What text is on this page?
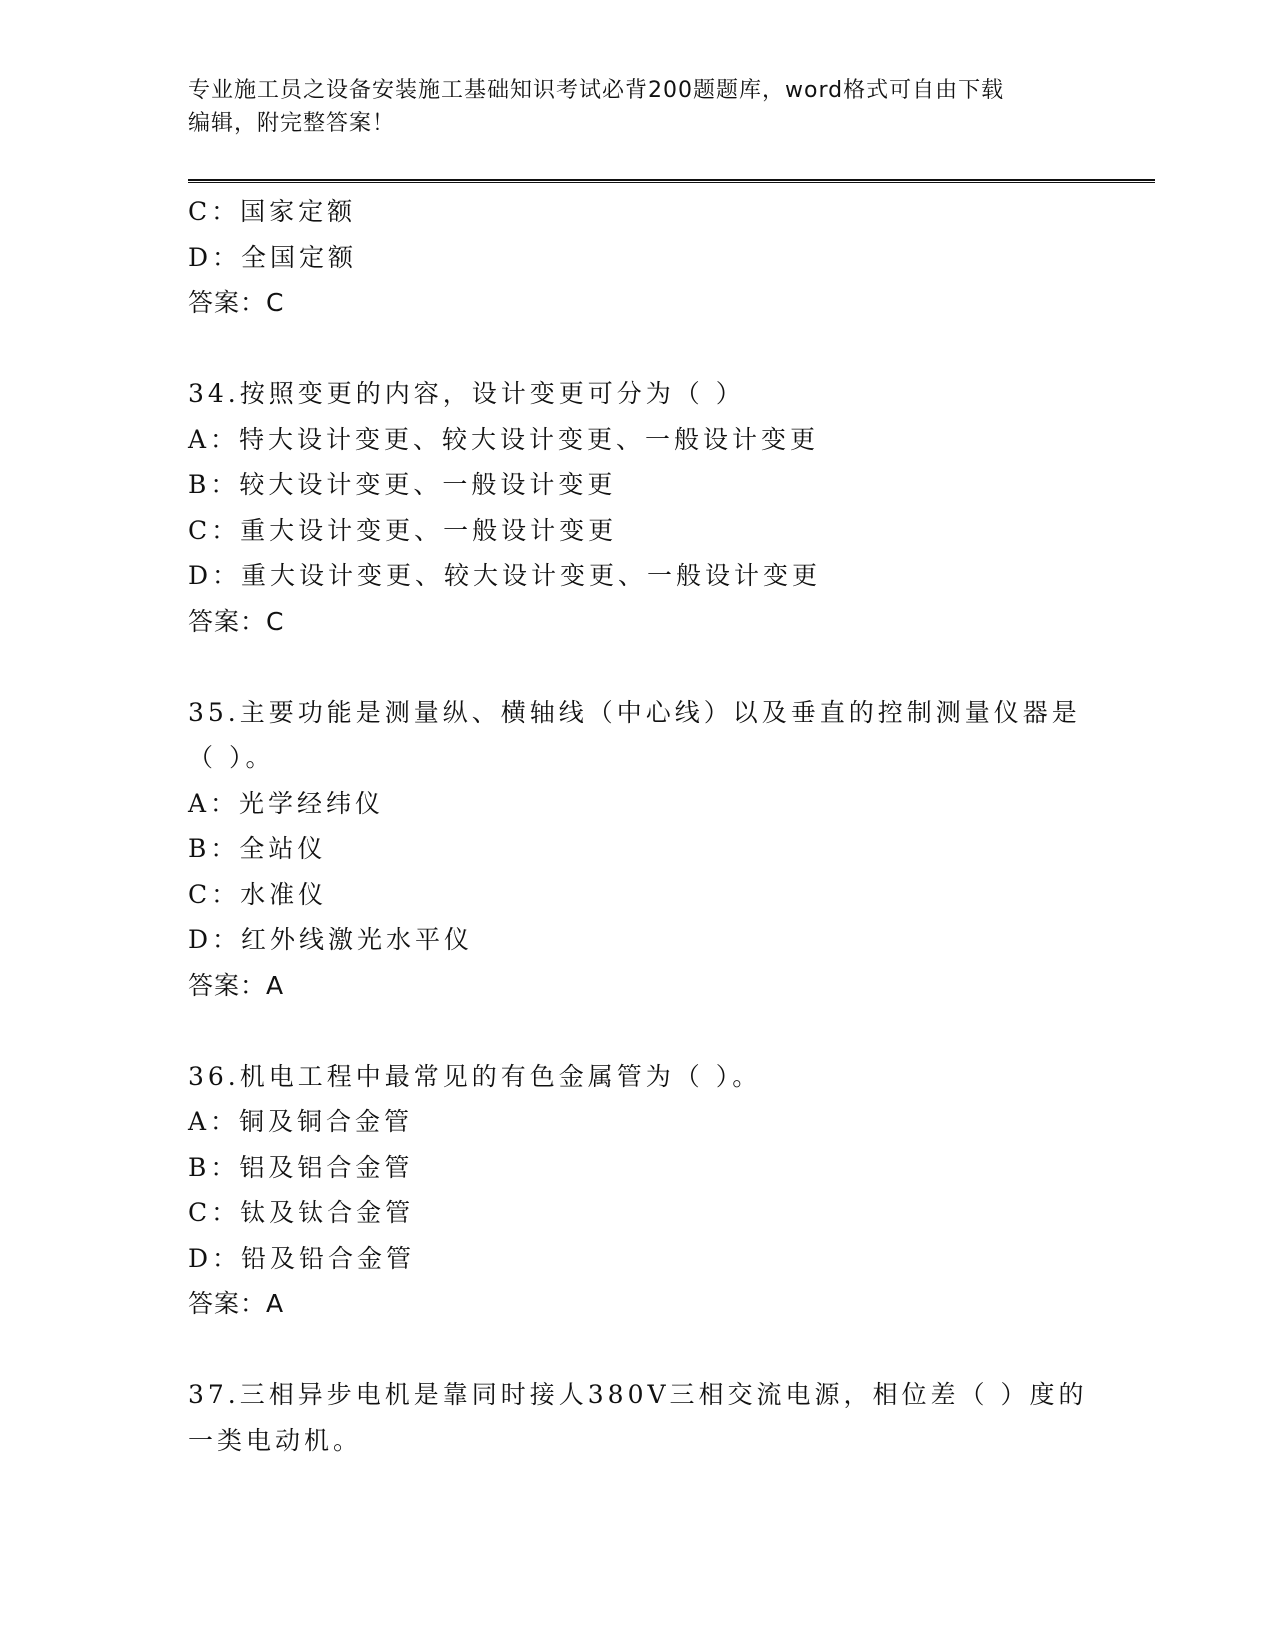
专业施工员之设备安装施工基础知识考试必背200题题库，word格式可自由下载
编辑，附完整答案！
C：国家定额
D：全国定额
答案：C
34.按照变更的内容，设计变更可分为（ ）
A：特大设计变更、较大设计变更、一般设计变更
B：较大设计变更、一般设计变更
C：重大设计变更、一般设计变更
D：重大设计变更、较大设计变更、一般设计变更
答案：C
35.主要功能是测量纵、横轴线（中心线）以及垂直的控制测量仪器是
（ ）。
A：光学经纬仪
B：全站仪
C：水准仪
D：红外线激光水平仪
答案：A
36.机电工程中最常见的有色金属管为（ ）。
A：铜及铜合金管
B：铝及铝合金管
C：钛及钛合金管
D：铅及铅合金管
答案：A
37.三相异步电机是靠同时接人380V三相交流电源，相位差（ ）度的
一类电动机。
